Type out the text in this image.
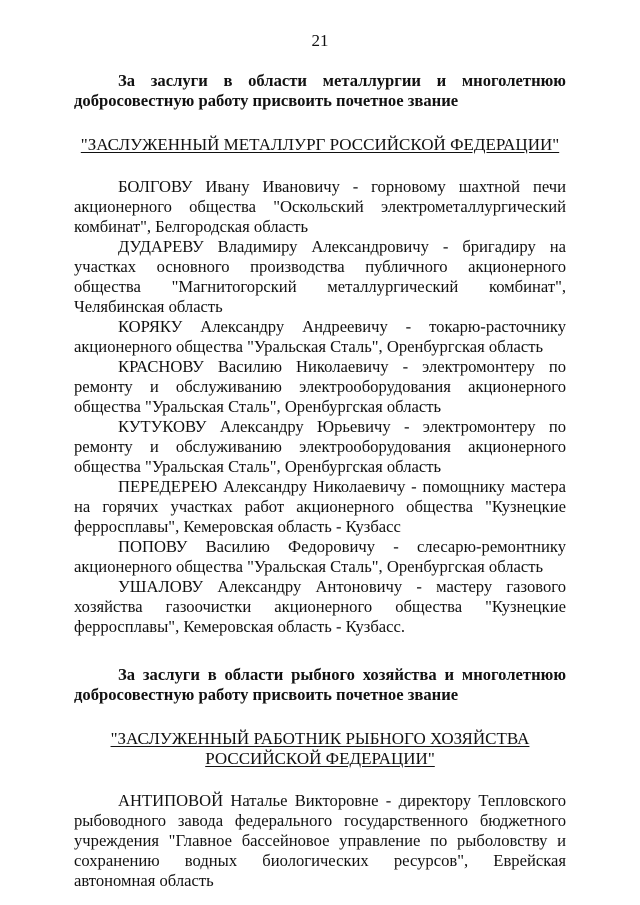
21

За заслуги в области металлургии и многолетнюю добросовестную работу присвоить почетное звание

"ЗАСЛУЖЕННЫЙ МЕТАЛЛУРГ РОССИЙСКОЙ ФЕДЕРАЦИИ"

БОЛГОВУ Ивану Ивановичу - горновому шахтной печи акционерного общества "Оскольский электрометаллургический комбинат", Белгородская область

ДУДАРЕВУ Владимиру Александровичу - бригадиру на участках основного производства публичного акционерного общества "Магнитогорский металлургический комбинат", Челябинская область

КОРЯКУ Александру Андреевичу - токарю-расточнику акционерного общества "Уральская Сталь", Оренбургская область

КРАСНОВУ Василию Николаевичу - электромонтеру по ремонту и обслуживанию электрооборудования акционерного общества "Уральская Сталь", Оренбургская область

КУТУКОВУ Александру Юрьевичу - электромонтеру по ремонту и обслуживанию электрооборудования акционерного общества "Уральская Сталь", Оренбургская область

ПЕРЕДЕРЕЮ Александру Николаевичу - помощнику мастера на горячих участках работ акционерного общества "Кузнецкие ферросплавы", Кемеровская область - Кузбасс

ПОПОВУ Василию Федоровичу - слесарю-ремонтнику акционерного общества "Уральская Сталь", Оренбургская область

УШАЛОВУ Александру Антоновичу - мастеру газового хозяйства газоочистки акционерного общества "Кузнецкие ферросплавы", Кемеровская область - Кузбасс.

За заслуги в области рыбного хозяйства и многолетнюю добросовестную работу присвоить почетное звание

"ЗАСЛУЖЕННЫЙ РАБОТНИК РЫБНОГО ХОЗЯЙСТВА
РОССИЙСКОЙ ФЕДЕРАЦИИ"

АНТИПОВОЙ Наталье Викторовне - директору Тепловского рыбоводного завода федерального государственного бюджетного учреждения "Главное бассейновое управление по рыболовству и сохранению водных биологических ресурсов", Еврейская автономная область
